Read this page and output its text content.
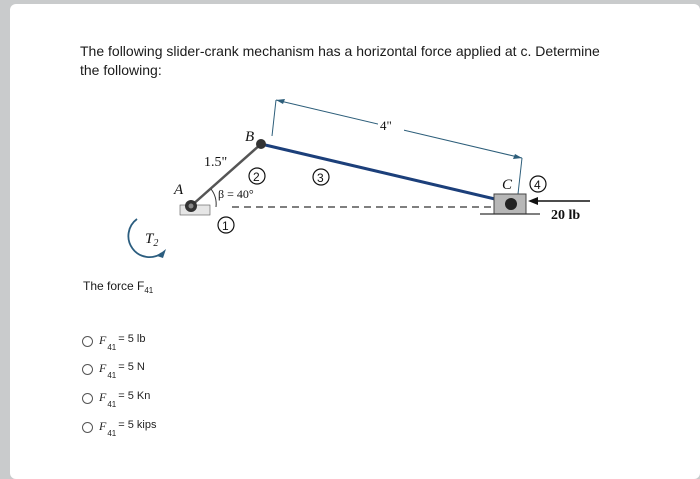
The following slider-crank mechanism has a horizontal force applied at c. Determine the following:
4"
A
B
C
1.5"
β = 40°
2	3
1
4
20 lb
$T_2$
The force $F_{41}$
F
41
= 5 lb
F
41
= 5 N
F
41
= 5 Kn
F
41
= 5 kips
